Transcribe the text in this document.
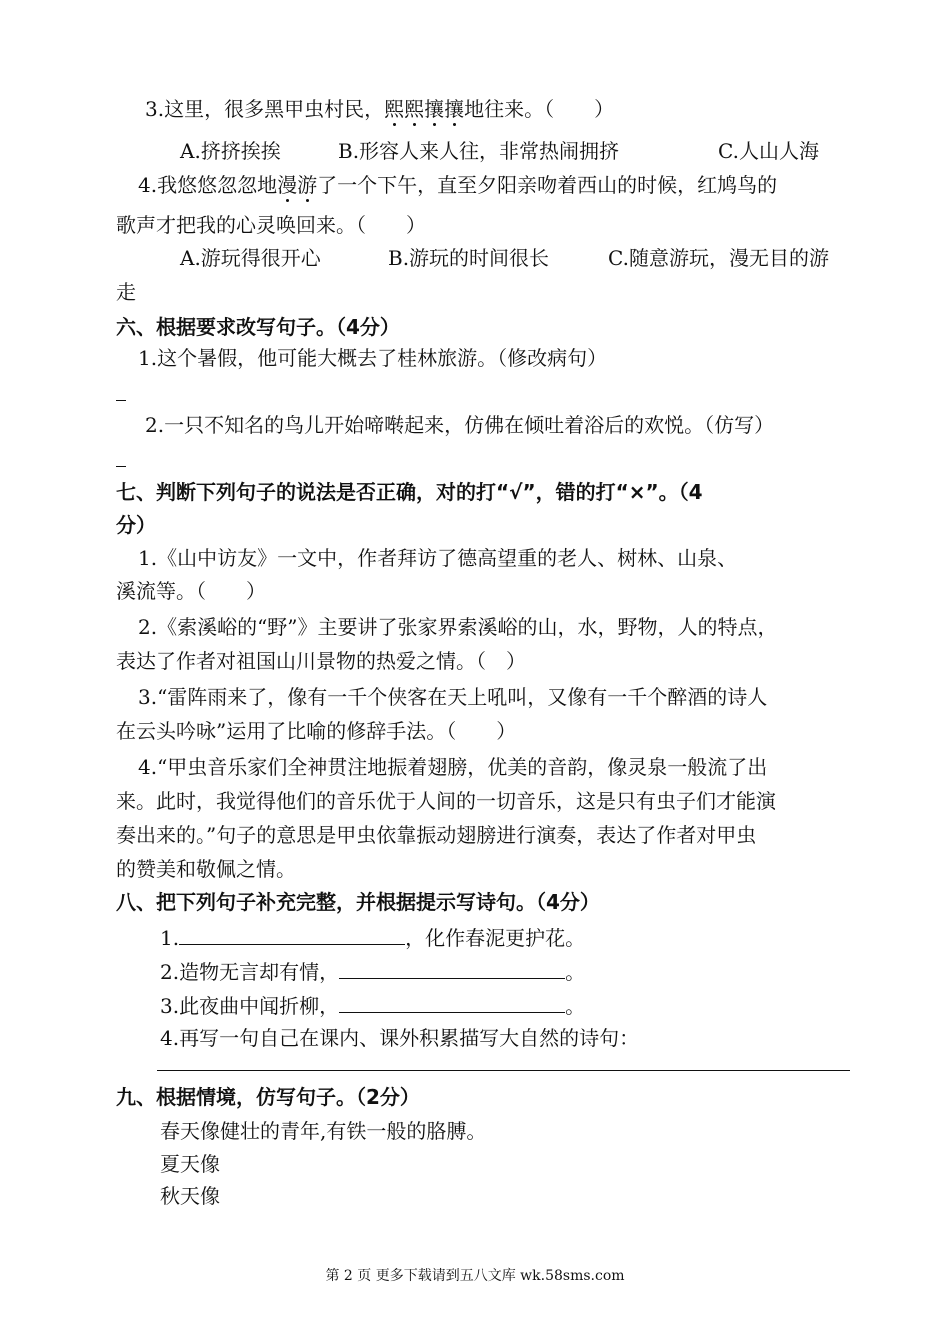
3.这里，很多黑甲虫村民，熙熙攘攘地往来。（　　）
A.挤挤挨挨	B.形容人来人往，非常热闹拥挤	C.人山人海
4.我悠悠忽忽地漫游了一个下午，直至夕阳亲吻着西山的时候，红鸠鸟的
歌声才把我的心灵唤回来。（　　）
A.游玩得很开心	B.游玩的时间很长	C.随意游玩，漫无目的游
走
六、根据要求改写句子。（4分）
1.这个暑假，他可能大概去了桂林旅游。（修改病句）
2.一只不知名的鸟儿开始啼啭起来，仿佛在倾吐着浴后的欢悦。（仿写）
七、判断下列句子的说法是否正确，对的打“√”，错的打“×”。（4
分）
1.《山中访友》一文中，作者拜访了德高望重的老人、树林、山泉、
溪流等。（　　）
2.《索溪峪的“野”》主要讲了张家界索溪峪的山，水，野物，人的特点，
表达了作者对祖国山川景物的热爱之情。（　）
3.“雷阵雨来了，像有一千个侠客在天上吼叫，又像有一千个醉酒的诗人
在云头吟咏”运用了比喻的修辞手法。（　　）
4.“甲虫音乐家们全神贯注地振着翅膀，优美的音韵，像灵泉一般流了出
来。此时，我觉得他们的音乐优于人间的一切音乐，这是只有虫子们才能演
奏出来的。”句子的意思是甲虫依靠振动翅膀进行演奏，表达了作者对甲虫
的赞美和敬佩之情。
八、把下列句子补充完整，并根据提示写诗句。（4分）
1.	，化作春泥更护花。
2.造物无言却有情，	。
3.此夜曲中闻折柳，	。
4.再写一句自己在课内、课外积累描写大自然的诗句：
九、根据情境，仿写句子。（2分）
春天像健壮的青年,有铁一般的胳膊。
夏天像
秋天像
第 2 页 更多下载请到五八文库 wk.58sms.com
